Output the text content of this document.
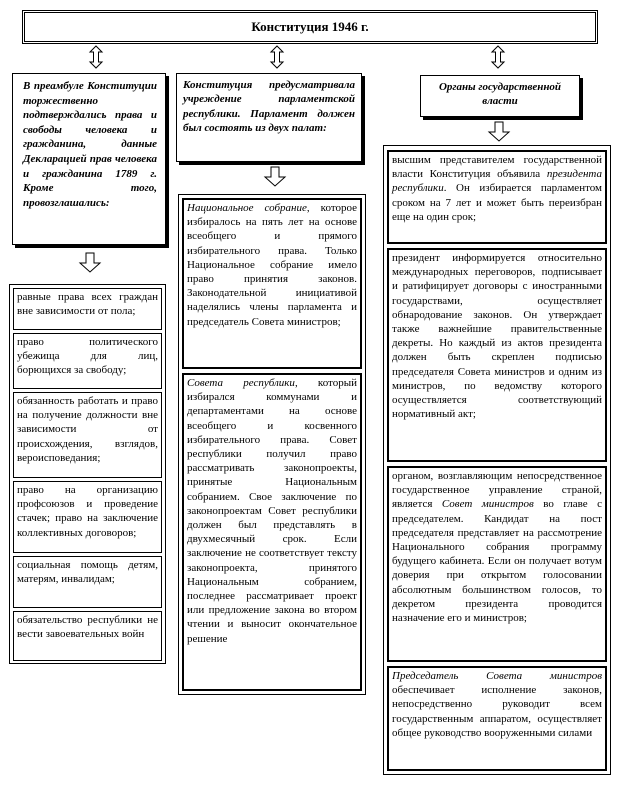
Конституция 1946 г.
В преамбуле Конституции торжественно подтверждались права и свободы человека и гражданина, данные Декларацией прав человека и гражданина 1789 г. Кроме того, провозглашались:
Конституция предусматривала учреждение парламентской республики. Парламент должен был состоять из двух палат:
Органы государственной власти
равные права всех граждан вне зависимости от пола;
право политического убежища для лиц, борющихся за свободу;
обязанность работать и право на получение должности вне зависимости от происхождения, взглядов, вероисповедания;
право на организацию профсоюзов и проведение стачек; право на заключение коллективных договоров;
социальная помощь детям, матерям, инвалидам;
обязательство республики не вести завоевательных войн
Национальное собрание, которое избиралось на пять лет на основе всеобщего и прямого избирательного права. Только Национальное собрание имело право принятия законов. Законодательной инициативой наделялись члены парламента и председатель Совета министров;
Совета республики, который избирался коммунами и департаментами на основе всеобщего и косвенного избирательного права. Совет республики получил право рассматривать законопроекты, принятые Национальным собранием. Свое заключение по законопроектам Совет республики должен был представлять в двухмесячный срок. Если заключение не соответствует тексту законопроекта, принятого Национальным собранием, последнее рассматривает проект или предложение закона во втором чтении и выносит окончательное решение
высшим представителем государственной власти Конституция объявила президента республики. Он избирается парламентом сроком на 7 лет и может быть переизбран еще на один срок;
президент информируется относительно международных переговоров, подписывает и ратифицирует договоры с иностранными государствами, осуществляет обнародование законов. Он утверждает также важнейшие правительственные декреты. Но каждый из актов президента должен быть скреплен подписью председателя Совета министров и одним из министров, по ведомству которого осуществляется соответствующий нормативный акт;
органом, возглавляющим непосредственное государственное управление страной, является Совет министров во главе с председателем. Кандидат на пост председателя представляет на рассмотрение Национального собрания программу будущего кабинета. Если он получает вотум доверия при открытом голосовании абсолютным большинством голосов, то декретом президента проводится назначение его и министров;
Председатель Совета министров обеспечивает исполнение законов, непосредственно руководит всем государственным аппаратом, осуществляет общее руководство вооруженными силами
